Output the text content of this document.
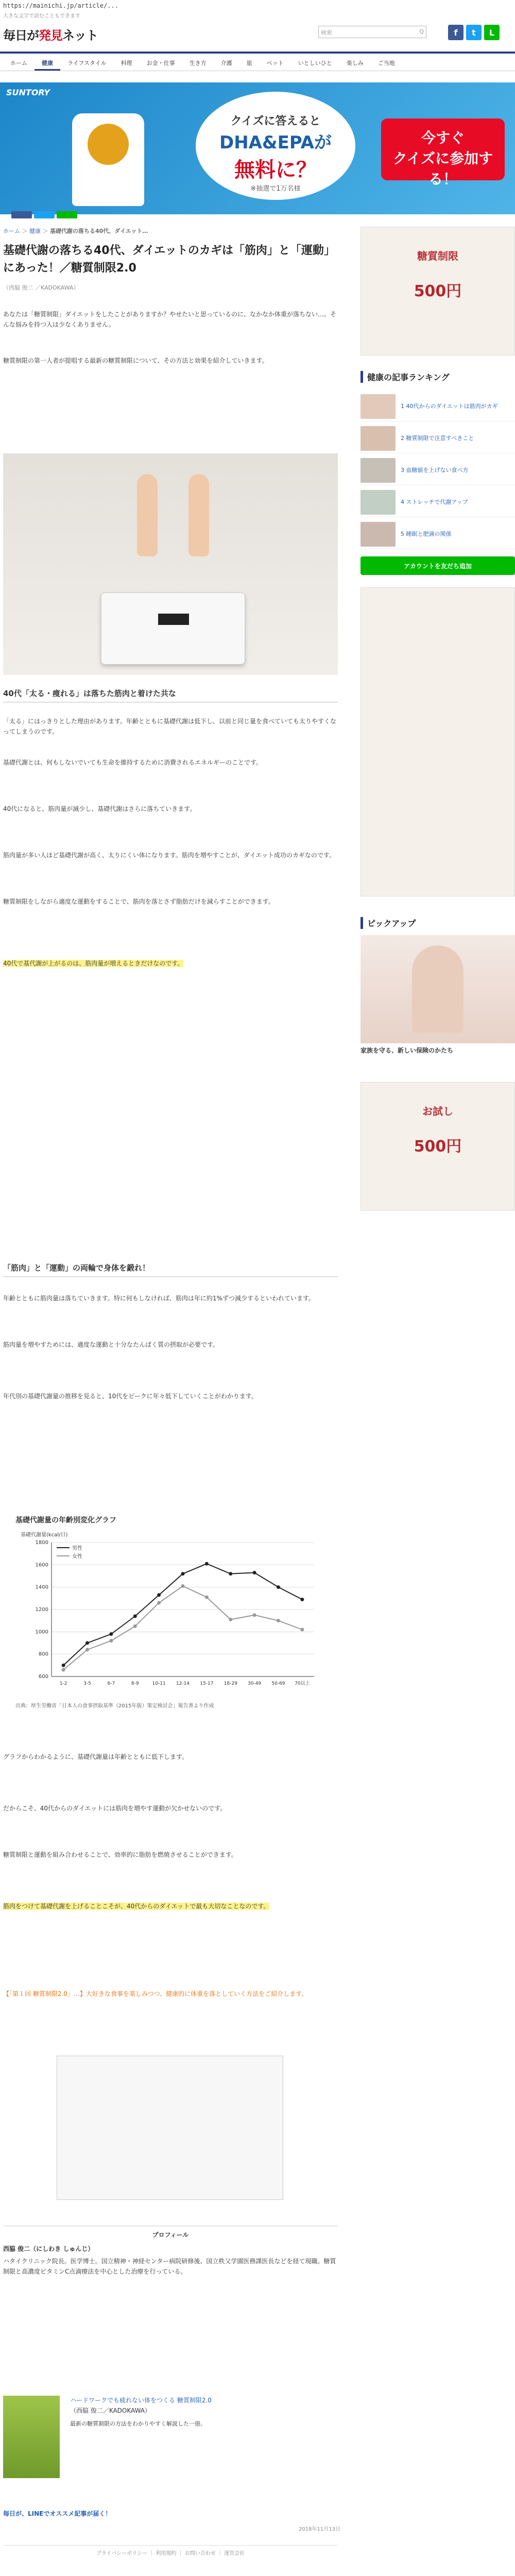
https://mainichi.jp/article/...
大きな文字で読むこともできます
毎日が発見ネット	検索	Q	f	t	L
ホーム	健康	ライフスタイル	料理	お金・仕事	生き方	介護	旅	ペット	いとしいひと	楽しみ	ご当地
SUNTORY
クイズに答えると
DHA&EPAが
無料に？
※抽選で1万名様
今すぐ
クイズに参加する！
ホーム ＞ 健康 ＞ 基礎代謝の落ちる40代、ダイエット…
基礎代謝の落ちる40代、ダイエットのカギは「筋肉」と「運動」にあった！／糖質制限2.0
（西脇 俊二 ／KADOKAWA）
あなたは「糖質制限」ダイエットをしたことがありますか？やせたいと思っているのに、なかなか体重が落ちない…。そんな悩みを持つ人は少なくありません。
糖質制限の第一人者が提唱する最新の糖質制限について、その方法と効果を紹介していきます。
40代「太る・痩れる」は落ちた筋肉と着けた共な
「太る」にはっきりとした理由があります。年齢とともに基礎代謝は低下し、以前と同じ量を食べていても太りやすくなってしまうのです。
基礎代謝とは、何もしないでいても生命を維持するために消費されるエネルギーのことです。
40代になると、筋肉量が減少し、基礎代謝はさらに落ちていきます。
筋肉量が多い人ほど基礎代謝が高く、太りにくい体になります。筋肉を増やすことが、ダイエット成功のカギなのです。
糖質制限をしながら適度な運動をすることで、筋肉を落とさず脂肪だけを減らすことができます。
40代で基代謝が上がるのは、筋肉量が増えるときだけなのです。
「筋肉」と「運動」の両輪で身体を鍛れ！
年齢とともに筋肉量は落ちていきます。特に何もしなければ、筋肉は年に約1%ずつ減少するといわれています。
筋肉量を増やすためには、適度な運動と十分なたんぱく質の摂取が必要です。
年代別の基礎代謝量の推移を見ると、10代をピークに年々低下していくことがわかります。
基礎代謝量の年齢別変化グラフ
基礎代謝量(kcal/日)
600
800
1000
1200
1400
1600
1800
1-2	3-5	6-7	8-9	10-11 12-14 15-17 18-29 30-49 50-69 70以上
男性
女性
出典：厚生労働省「日本人の食事摂取基準（2015年版）策定検討会」報告書より作成
グラフからわかるように、基礎代謝量は年齢とともに低下します。
だからこそ、40代からのダイエットには筋肉を増やす運動が欠かせないのです。
糖質制限と運動を組み合わせることで、効率的に脂肪を燃焼させることができます。
筋肉をつけて基礎代謝を上げることこそが、40代からのダイエットで最も大切なことなのです。
【「第１回 糖質制限2.0」…】大好きな食事を楽しみつつ、健康的に体重を落としていく方法をご紹介します。
プロフィール
西脇 俊二（にしわき しゅんじ）
ハタイクリニック院長。医学博士。国立精神・神経センター病院研修後、国立秩父学園医務課医長などを経て現職。糖質制限と高濃度ビタミンC点滴療法を中心とした治療を行っている。
ハードワークでも疲れない体をつくる 糖質制限2.0
（西脇 俊二／KADOKAWA）
最新の糖質制限の方法をわかりやすく解説した一冊。
毎日が、LINEでオススメ記事が届く！
2018年11月13日
プライバシーポリシー ｜ 利用規約 ｜ お問い合わせ ｜ 運営会社
糖質制限
500円
健康の記事ランキング
1 40代からのダイエットは筋肉がカギ
2 糖質制限で注意すべきこと
3 血糖値を上げない食べ方
4 ストレッチで代謝アップ
5 睡眠と肥満の関係
アカウントを友だち追加
ピックアップ
家族を守る、新しい保険のかたち
お試し
500円
